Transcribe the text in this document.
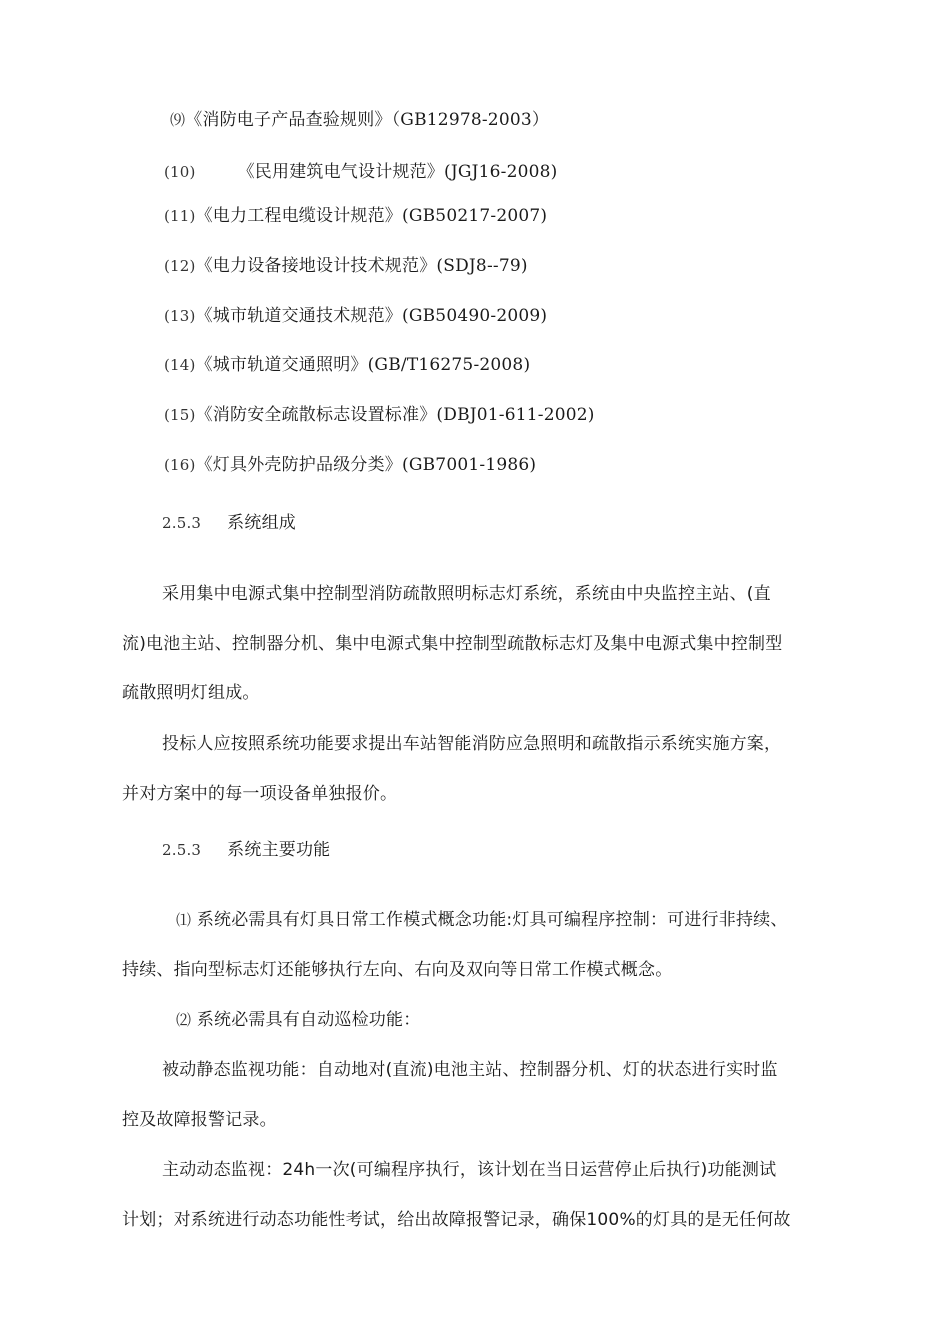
⑼《消防电子产品查验规则》（GB12978-2003）
(10) 《民用建筑电气设计规范》(JGJ16-2008)
(11)《电力工程电缆设计规范》(GB50217-2007)
(12)《电力设备接地设计技术规范》(SDJ8--79)
(13)《城市轨道交通技术规范》(GB50490-2009)
(14)《城市轨道交通照明》(GB/T16275-2008)
(15)《消防安全疏散标志设置标准》(DBJ01-611-2002)
(16)《灯具外壳防护品级分类》(GB7001-1986)
2.5.3 系统组成
采用集中电源式集中控制型消防疏散照明标志灯系统，系统由中央监控主站、(直
流)电池主站、控制器分机、集中电源式集中控制型疏散标志灯及集中电源式集中控制型
疏散照明灯组成。
投标人应按照系统功能要求提出车站智能消防应急照明和疏散指示系统实施方案，
并对方案中的每一项设备单独报价。
2.5.3 系统主要功能
⑴ 系统必需具有灯具日常工作模式概念功能:灯具可编程序控制：可进行非持续、
持续、指向型标志灯还能够执行左向、右向及双向等日常工作模式概念。
⑵ 系统必需具有自动巡检功能：
被动静态监视功能：自动地对(直流)电池主站、控制器分机、灯的状态进行实时监
控及故障报警记录。
主动动态监视：24h一次(可编程序执行，该计划在当日运营停止后执行)功能测试
计划；对系统进行动态功能性考试，给出故障报警记录，确保100%的灯具的是无任何故
